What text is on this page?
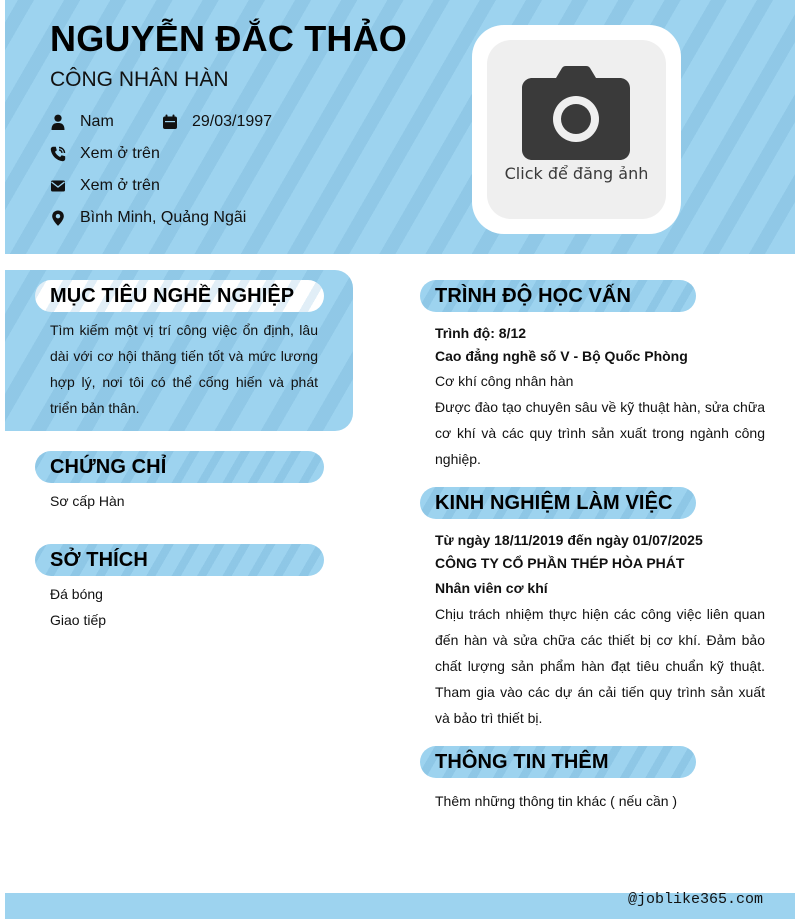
NGUYỄN ĐẮC THẢO
CÔNG NHÂN HÀN
Nam	29/03/1997
Xem ở trên
Xem ở trên
Bình Minh, Quảng Ngãi
Click để đăng ảnh
MỤC TIÊU NGHỀ NGHIỆP
Tìm kiếm một vị trí công việc ổn định, lâu dài với cơ hội thăng tiến tốt và mức lương hợp lý, nơi tôi có thể cống hiến và phát triển bản thân.
CHỨNG CHỈ
Sơ cấp Hàn
SỞ THÍCH
Đá bóng
Giao tiếp
TRÌNH ĐỘ HỌC VẤN
Trình độ: 8/12
Cao đẳng nghề số V - Bộ Quốc Phòng
Cơ khí công nhân hàn
Được đào tạo chuyên sâu về kỹ thuật hàn, sửa chữa cơ khí và các quy trình sản xuất trong ngành công nghiệp.
KINH NGHIỆM LÀM VIỆC
Từ ngày 18/11/2019 đến ngày 01/07/2025
CÔNG TY CỔ PHẦN THÉP HÒA PHÁT
Nhân viên cơ khí
Chịu trách nhiệm thực hiện các công việc liên quan đến hàn và sửa chữa các thiết bị cơ khí. Đảm bảo chất lượng sản phẩm hàn đạt tiêu chuẩn kỹ thuật. Tham gia vào các dự án cải tiến quy trình sản xuất và bảo trì thiết bị.
THÔNG TIN THÊM
Thêm những thông tin khác ( nếu cần )
@joblike365.com
